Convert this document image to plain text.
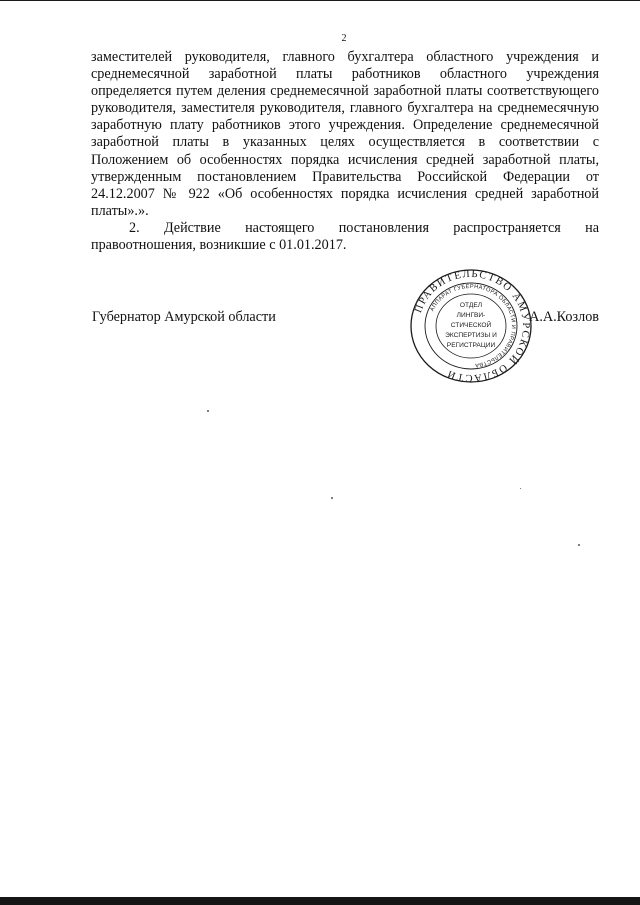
2

заместителей руководителя, главного бухгалтера областного учреждения и среднемесячной заработной платы работников областного учреждения определяется путем деления среднемесячной заработной платы соответствующего руководителя, заместителя руководителя, главного бухгалтера на среднемесячную заработную плату работников этого учреждения. Определение среднемесячной заработной платы в указанных целях осуществляется в соответствии с Положением об особенностях порядка исчисления средней заработной платы, утвержденным постановлением Правительства Российской Федерации от 24.12.2007 № 922 «Об особенностях порядка исчисления средней заработной платы».».

2. Действие настоящего постановления распространяется на правоотношения, возникшие с 01.01.2017.

Губернатор Амурской области	А.А.Козлов
ПРАВИТЕЛЬСТВО АМУРСКОЙ ОБЛАСТИ
АППАРАТ ГУБЕРНАТОРА ОБЛАСТИ И ПРАВИТЕЛЬСТВА
ОТДЕЛ
ЛИНГВИ-
СТИЧЕСКОЙ
ЭКСПЕРТИЗЫ И
РЕГИСТРАЦИИ
